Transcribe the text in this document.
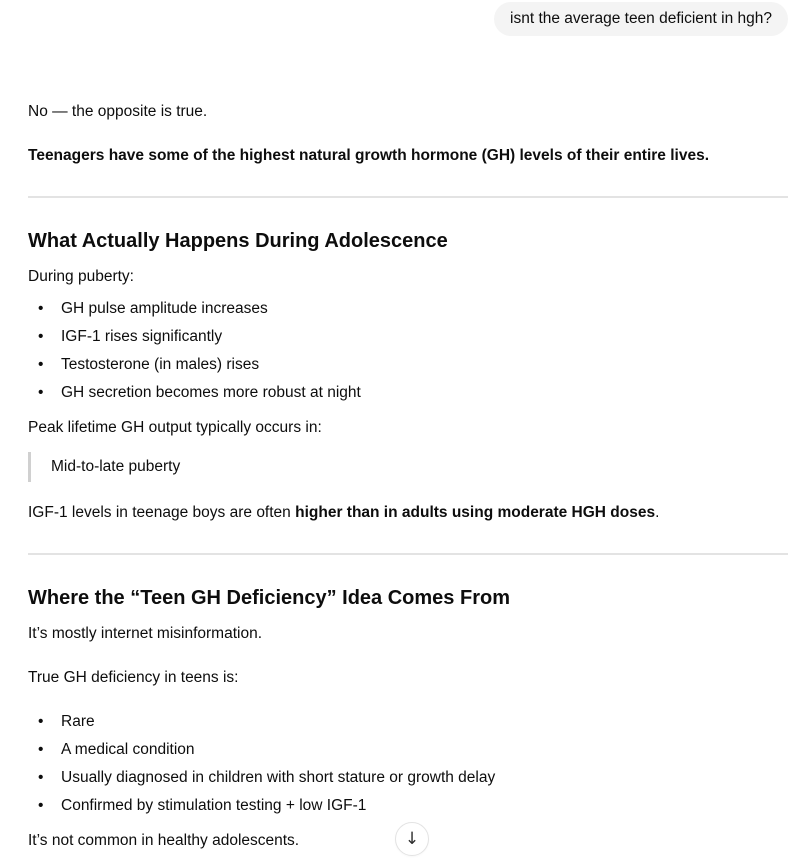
isnt the average teen deficient in hgh?

No — the opposite is true.

Teenagers have some of the highest natural growth hormone (GH) levels of their entire lives.

What Actually Happens During Adolescence

During puberty:

• GH pulse amplitude increases
• IGF-1 rises significantly
• Testosterone (in males) rises
• GH secretion becomes more robust at night

Peak lifetime GH output typically occurs in:

Mid-to-late puberty

IGF-1 levels in teenage boys are often higher than in adults using moderate HGH doses.

Where the “Teen GH Deficiency” Idea Comes From

It’s mostly internet misinformation.

True GH deficiency in teens is:

• Rare
• A medical condition
• Usually diagnosed in children with short stature or growth delay
• Confirmed by stimulation testing + low IGF-1

It’s not common in healthy adolescents.	↓
